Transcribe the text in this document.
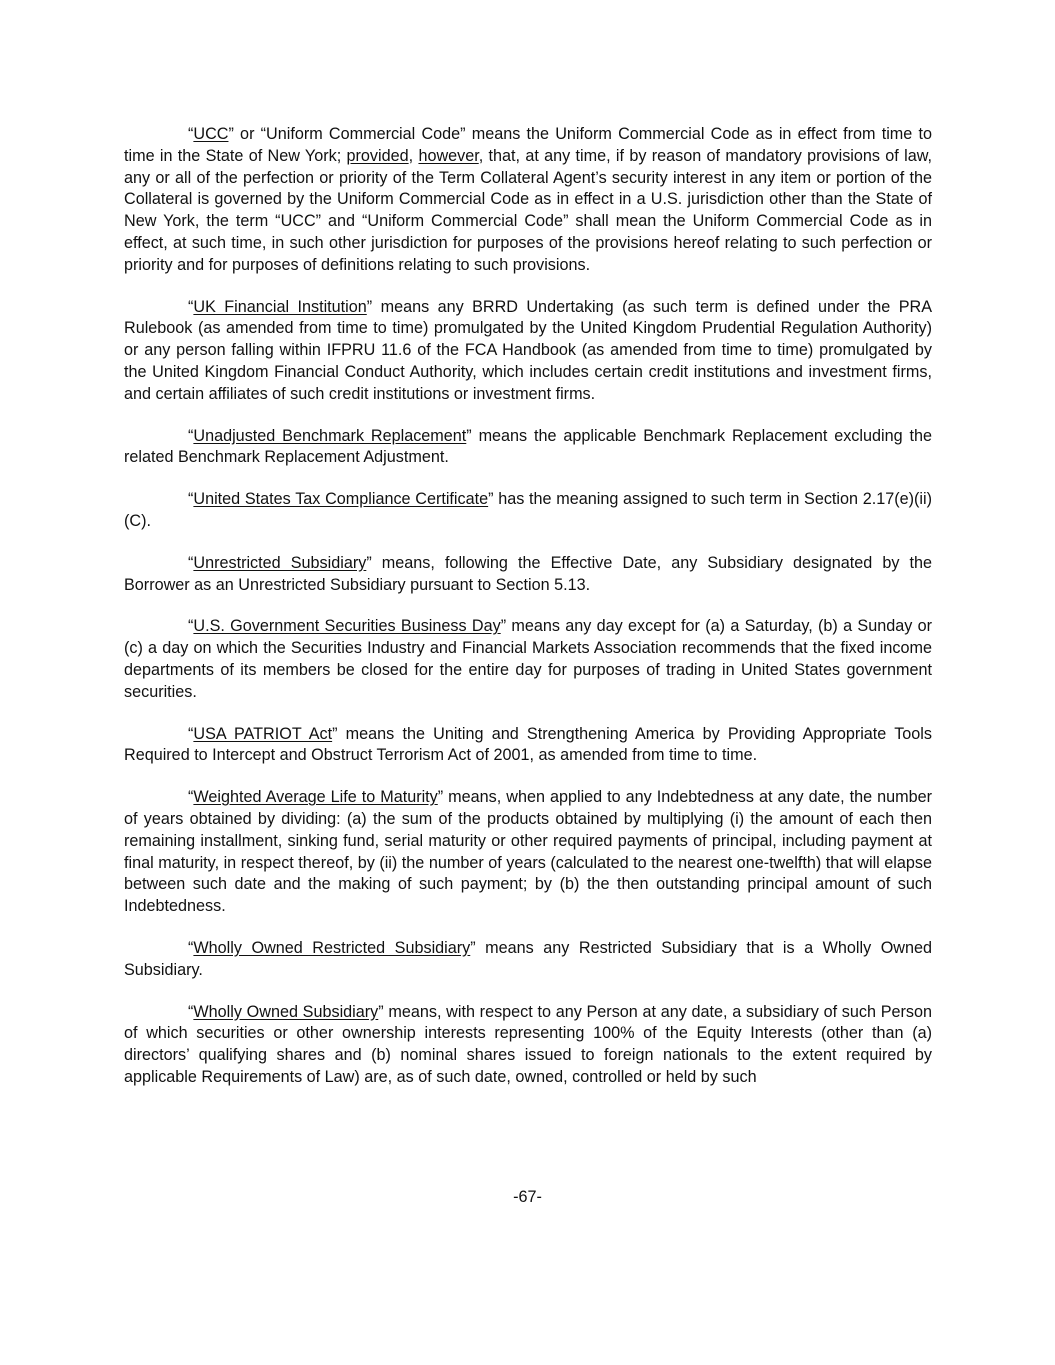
“UCC” or “Uniform Commercial Code” means the Uniform Commercial Code as in effect from time to time in the State of New York; provided, however, that, at any time, if by reason of mandatory provisions of law, any or all of the perfection or priority of the Term Collateral Agent’s security interest in any item or portion of the Collateral is governed by the Uniform Commercial Code as in effect in a U.S. jurisdiction other than the State of New York, the term “UCC” and “Uniform Commercial Code” shall mean the Uniform Commercial Code as in effect, at such time, in such other jurisdiction for purposes of the provisions hereof relating to such perfection or priority and for purposes of definitions relating to such provisions.

“UK Financial Institution” means any BRRD Undertaking (as such term is defined under the PRA Rulebook (as amended from time to time) promulgated by the United Kingdom Prudential Regulation Authority) or any person falling within IFPRU 11.6 of the FCA Handbook (as amended from time to time) promulgated by the United Kingdom Financial Conduct Authority, which includes certain credit institutions and investment firms, and certain affiliates of such credit institutions or investment firms.

“Unadjusted Benchmark Replacement” means the applicable Benchmark Replacement excluding the related Benchmark Replacement Adjustment.

“United States Tax Compliance Certificate” has the meaning assigned to such term in Section 2.17(e)(ii)(C).

“Unrestricted Subsidiary” means, following the Effective Date, any Subsidiary designated by the Borrower as an Unrestricted Subsidiary pursuant to Section 5.13.

“U.S. Government Securities Business Day” means any day except for (a) a Saturday, (b) a Sunday or (c) a day on which the Securities Industry and Financial Markets Association recommends that the fixed income departments of its members be closed for the entire day for purposes of trading in United States government securities.

“USA PATRIOT Act” means the Uniting and Strengthening America by Providing Appropriate Tools Required to Intercept and Obstruct Terrorism Act of 2001, as amended from time to time.

“Weighted Average Life to Maturity” means, when applied to any Indebtedness at any date, the number of years obtained by dividing: (a) the sum of the products obtained by multiplying (i) the amount of each then remaining installment, sinking fund, serial maturity or other required payments of principal, including payment at final maturity, in respect thereof, by (ii) the number of years (calculated to the nearest one-twelfth) that will elapse between such date and the making of such payment; by (b) the then outstanding principal amount of such Indebtedness.

“Wholly Owned Restricted Subsidiary” means any Restricted Subsidiary that is a Wholly Owned Subsidiary.

“Wholly Owned Subsidiary” means, with respect to any Person at any date, a subsidiary of such Person of which securities or other ownership interests representing 100% of the Equity Interests (other than (a) directors’ qualifying shares and (b) nominal shares issued to foreign nationals to the extent required by applicable Requirements of Law) are, as of such date, owned, controlled or held by such

-67-
